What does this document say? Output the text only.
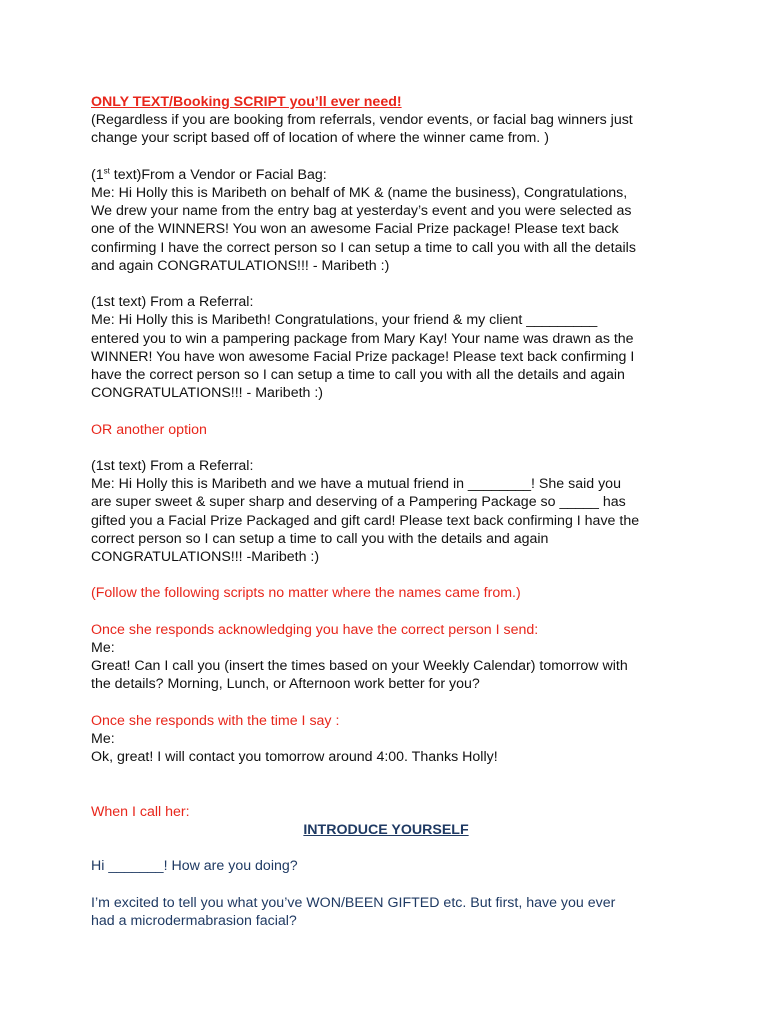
ONLY TEXT/Booking SCRIPT you’ll ever need!

(Regardless if you are booking from referrals, vendor events, or facial bag winners just

change your script based off of location of where the winner came from. )

(1st text)From a Vendor or Facial Bag:

Me: Hi Holly this is Maribeth on behalf of MK & (name the business), Congratulations,

We drew your name from the entry bag at yesterday’s event and you were selected as

one of the WINNERS! You won an awesome Facial Prize package! Please text back

confirming I have the correct person so I can setup a time to call you with all the details

and again CONGRATULATIONS!!! - Maribeth :)

(1st text) From a Referral:

Me: Hi Holly this is Maribeth! Congratulations, your friend & my client _________

entered you to win a pampering package from Mary Kay! Your name was drawn as the

WINNER! You have won awesome Facial Prize package! Please text back confirming I

have the correct person so I can setup a time to call you with all the details and again

CONGRATULATIONS!!! - Maribeth :)

OR another option

(1st text) From a Referral:

Me: Hi Holly this is Maribeth and we have a mutual friend in ________! She said you

are super sweet & super sharp and deserving of a Pampering Package so _____ has

gifted you a Facial Prize Packaged and gift card! Please text back confirming I have the

correct person so I can setup a time to call you with the details and again

CONGRATULATIONS!!! -Maribeth :)

(Follow the following scripts no matter where the names came from.)

Once she responds acknowledging you have the correct person I send:

Me:

Great! Can I call you (insert the times based on your Weekly Calendar) tomorrow with

the details? Morning, Lunch, or Afternoon work better for you?

Once she responds with the time I say :

Me:

Ok, great! I will contact you tomorrow around 4:00. Thanks Holly!

When I call her:

INTRODUCE YOURSELF

Hi _______! How are you doing?

I’m excited to tell you what you’ve WON/BEEN GIFTED etc. But first, have you ever

had a microdermabrasion facial?
